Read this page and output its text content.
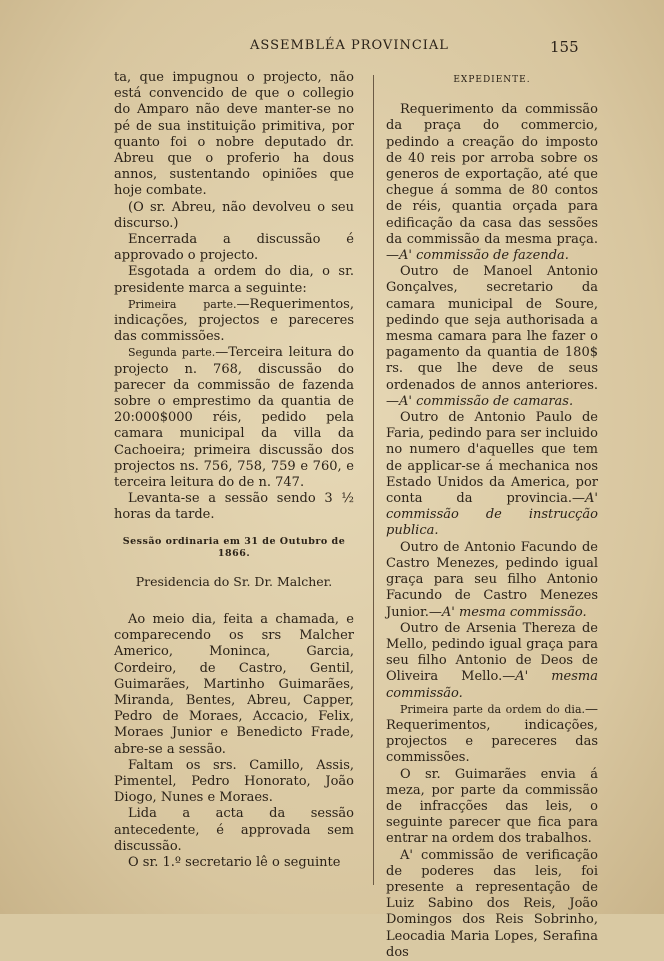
ASSEMBLÉA PROVINCIAL	155

ta, que impugnou o projecto, não está convencido de que o collegio do Amparo não deve manter-se no pé de sua instituição primitiva, por quanto foi o nobre deputado dr. Abreu que o proferio ha dous annos, sustentando opiniões que hoje combate.

(O sr. Abreu, não devolveu o seu discurso.)

Encerrada a discussão é approvado o projecto.

Esgotada a ordem do dia, o sr. presidente marca a seguinte:

Primeira parte.—Requerimentos, indicações, projectos e pareceres das commissões.

Segunda parte.—Terceira leitura do projecto n. 768, discussão do parecer da commissão de fazenda sobre o emprestimo da quantia de 20:000$000 réis, pedido pela camara municipal da villa da Cachoeira; primeira discussão dos projectos ns. 756, 758, 759 e 760, e terceira leitura do de n. 747.

Levanta-se a sessão sendo 3 ½ horas da tarde.

Sessão ordinaria em 31 de Outubro de 1866.

Presidencia do Sr. Dr. Malcher.

Ao meio dia, feita a chamada, e comparecendo os srs Malcher Americo, Moninca, Garcia, Cordeiro, de Castro, Gentil, Guimarães, Martinho Guimarães, Miranda, Bentes, Abreu, Capper, Pedro de Moraes, Accacio, Felix, Moraes Junior e Benedicto Frade, abre-se a sessão.

Faltam os srs. Camillo, Assis, Pimentel, Pedro Honorato, João Diogo, Nunes e Moraes.

Lida a acta da sessão antecedente, é approvada sem discussão.

O sr. 1.º secretario lê o seguinte

EXPEDIENTE.

Requerimento da commissão da praça do commercio, pedindo a creação do imposto de 40 reis por arroba sobre os generos de exportação, até que chegue á somma de 80 contos de réis, quantia orçada para edificação da casa das sessões da commissão da mesma praça.—A' commissão de fazenda.

Outro de Manoel Antonio Gonçalves, secretario da camara municipal de Soure, pedindo que seja authorisada a mesma camara para lhe fazer o pagamento da quantia de 180$ rs. que lhe deve de seus ordenados de annos anteriores.—A' commissão de camaras.

Outro de Antonio Paulo de Faria, pedindo para ser incluido no numero d'aquelles que tem de applicar-se á mechanica nos Estado Unidos da America, por conta da provincia.—A' commissão de instrucção publica.

Outro de Antonio Facundo de Castro Menezes, pedindo igual graça para seu filho Antonio Facundo de Castro Menezes Junior.—A' mesma commissão.

Outro de Arsenia Thereza de Mello, pedindo igual graça para seu filho Antonio de Deos de Oliveira Mello.—A' mesma commissão.

Primeira parte da ordem do dia.—Requerimentos, indicações, projectos e pareceres das commissões.

O sr. Guimarães envia á meza, por parte da commissão de infracções das leis, o seguinte parecer que fica para entrar na ordem dos trabalhos.

A' commissão de verificação de poderes das leis, foi presente a representação de Luiz Sabino dos Reis, João Domingos dos Reis Sobrinho, Leocadia Maria Lopes, Serafina dos
